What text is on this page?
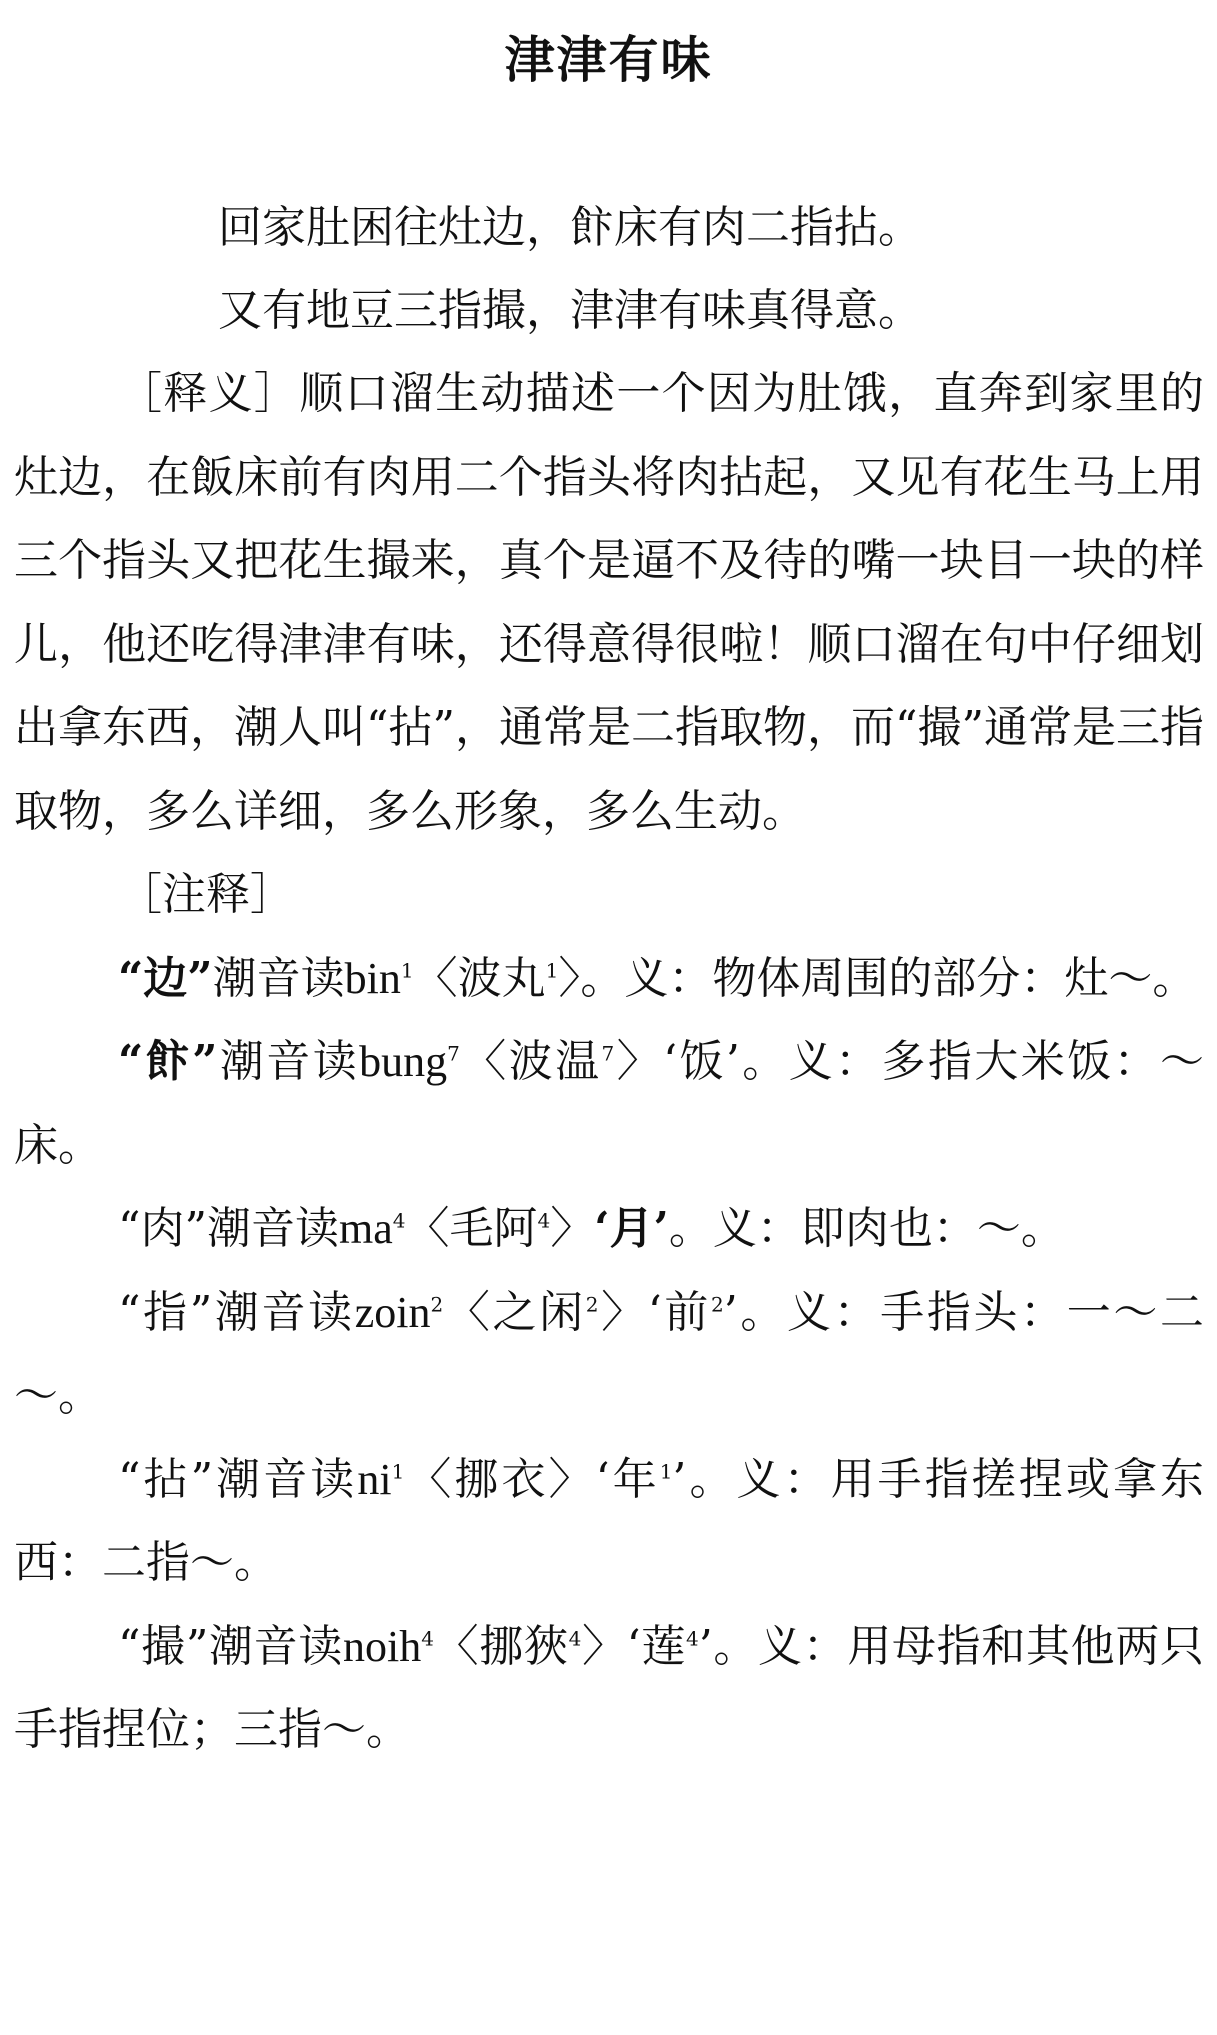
津津有味
回家肚困往灶边，飰床有肉二指拈。
又有地豆三指撮，津津有味真得意。

［释义］顺口溜生动描述一个因为肚饿，直奔到家里的灶边，在飯床前有肉用二个指头将肉拈起，又见有花生马上用三个指头又把花生撮来，真个是逼不及待的嘴一块目一块的样儿，他还吃得津津有味，还得意得很啦！顺口溜在句中仔细划出拿东西，潮人叫“拈”，通常是二指取物，而“撮”通常是三指取物，多么详细，多么形象，多么生动。

［注释］

“边”潮音读bin$^1$〈波丸$^1$〉。义：物体周围的部分：灶～。

“飰”潮音读bung$^7$〈波温$^7$〉‘饭’。义：多指大米饭：～床。

“肉”潮音读$ma^4$〈毛阿$^4$〉‘月’。义：即肉也：～。

“指”潮音读zoin$^2$〈之闲$^2$〉‘前$^2$’。义：手指头：一～二～。

“拈”潮音读$ni^1$〈挪衣〉‘年$^1$’。义：用手指搓捏或拿东西：二指～。

“撮”潮音读noih$^4$〈挪狹$^4$〉‘莲$^4$’。义：用母指和其他两只手指捏位；三指～。
